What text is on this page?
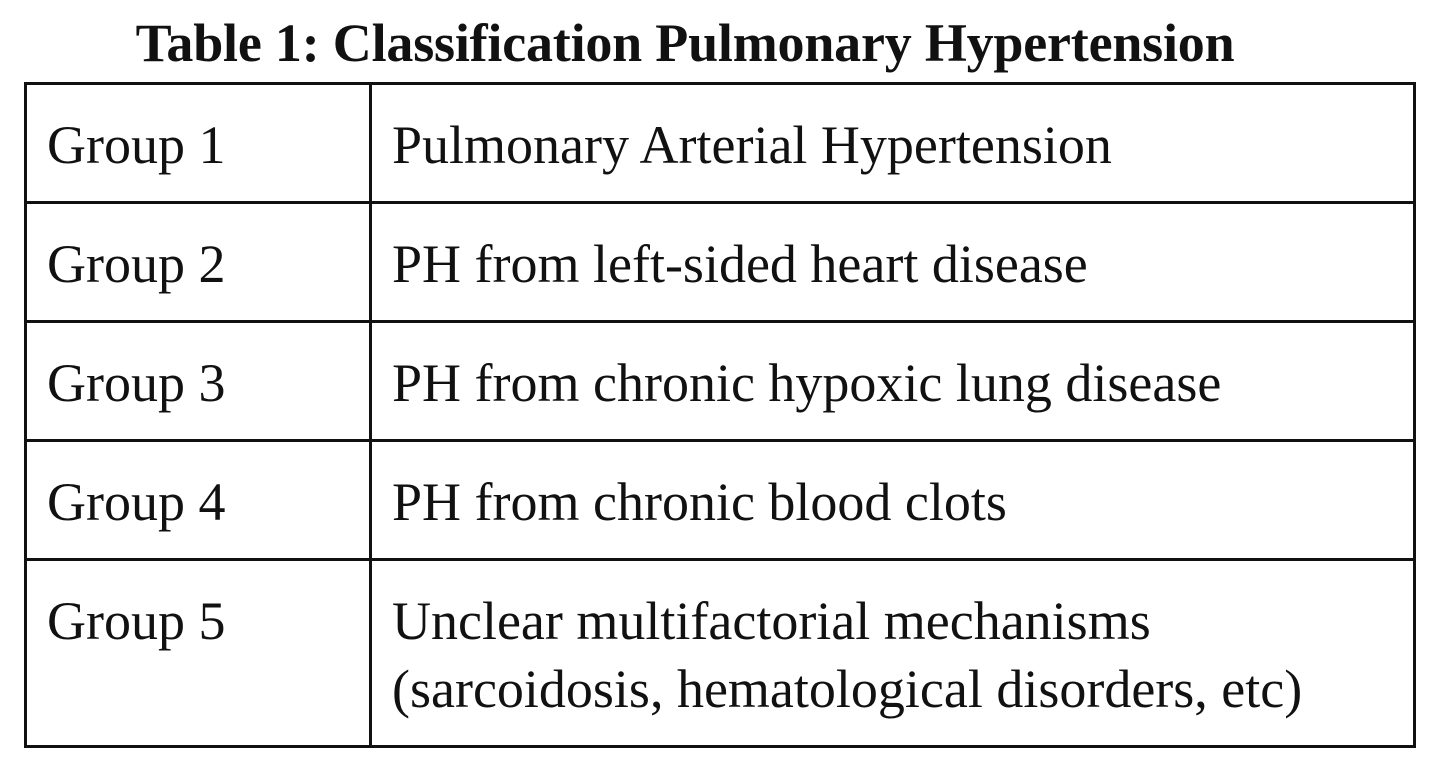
Table 1: Classification Pulmonary Hypertension
Group 1	Pulmonary Arterial Hypertension

Group 2	PH from left-sided heart disease

Group 3	PH from chronic hypoxic lung disease

Group 4	PH from chronic blood clots

Group 5	Unclear multifactorial mechanisms
(sarcoidosis, hematological disorders, etc)
